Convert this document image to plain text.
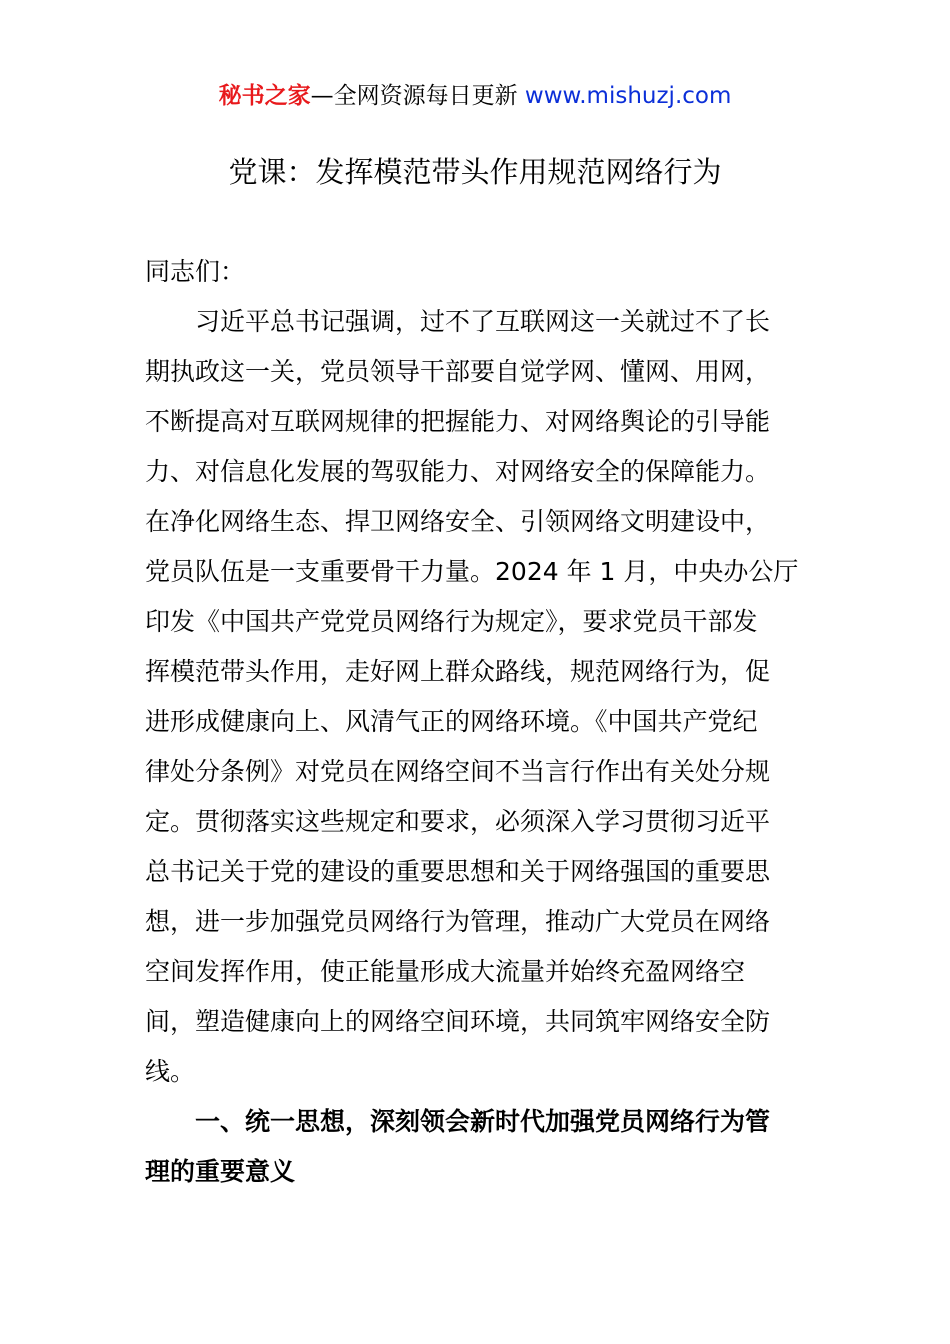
秘书之家—全网资源每日更新 www.mishuzj.com
党课：发挥模范带头作用规范网络行为
同志们：
习近平总书记强调，过不了互联网这一关就过不了长
期执政这一关，党员领导干部要自觉学网、懂网、用网，
不断提高对互联网规律的把握能力、对网络舆论的引导能
力、对信息化发展的驾驭能力、对网络安全的保障能力。
在净化网络生态、捍卫网络安全、引领网络文明建设中，
党员队伍是一支重要骨干力量。2024 年 1 月，中央办公厅
印发《中国共产党党员网络行为规定》，要求党员干部发
挥模范带头作用，走好网上群众路线，规范网络行为，促
进形成健康向上、风清气正的网络环境。《中国共产党纪
律处分条例》对党员在网络空间不当言行作出有关处分规
定。贯彻落实这些规定和要求，必须深入学习贯彻习近平
总书记关于党的建设的重要思想和关于网络强国的重要思
想，进一步加强党员网络行为管理，推动广大党员在网络
空间发挥作用，使正能量形成大流量并始终充盈网络空
间，塑造健康向上的网络空间环境，共同筑牢网络安全防
线。
一、统一思想，深刻领会新时代加强党员网络行为管
理的重要意义
